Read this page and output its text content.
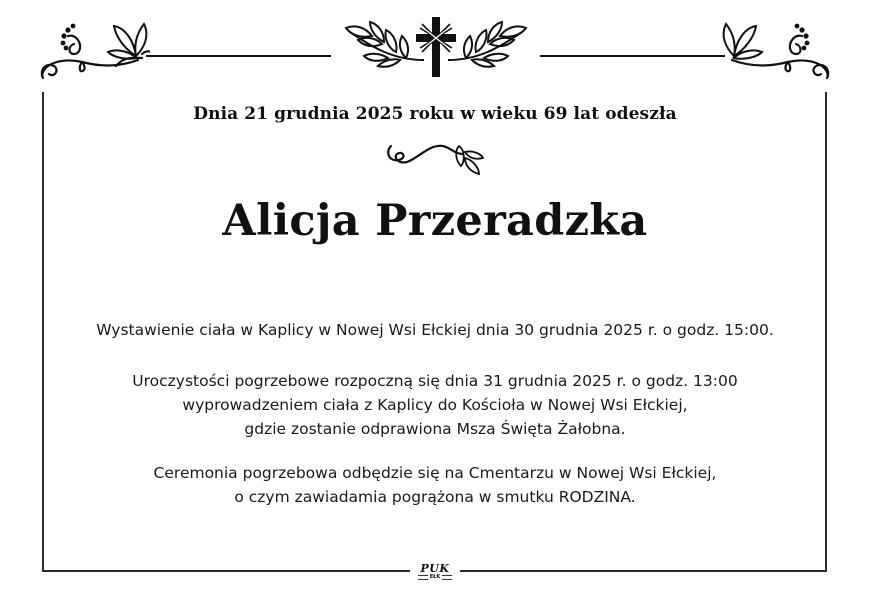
Dnia 21 grudnia 2025 roku w wieku 69 lat odeszła
Alicja Przeradzka
Wystawienie ciała w Kaplicy w Nowej Wsi Ełckiej dnia 30 grudnia 2025 r. o godz. 15:00.
Uroczystości pogrzebowe rozpoczną się dnia 31 grudnia 2025 r. o godz. 13:00
wyprowadzeniem ciała z Kaplicy do Kościoła w Nowej Wsi Ełckiej,
gdzie zostanie odprawiona Msza Święta Żałobna.
Ceremonia pogrzebowa odbędzie się na Cmentarzu w Nowej Wsi Ełckiej,
o czym zawiadamia pogrążona w smutku RODZINA.
PUK
EŁK
